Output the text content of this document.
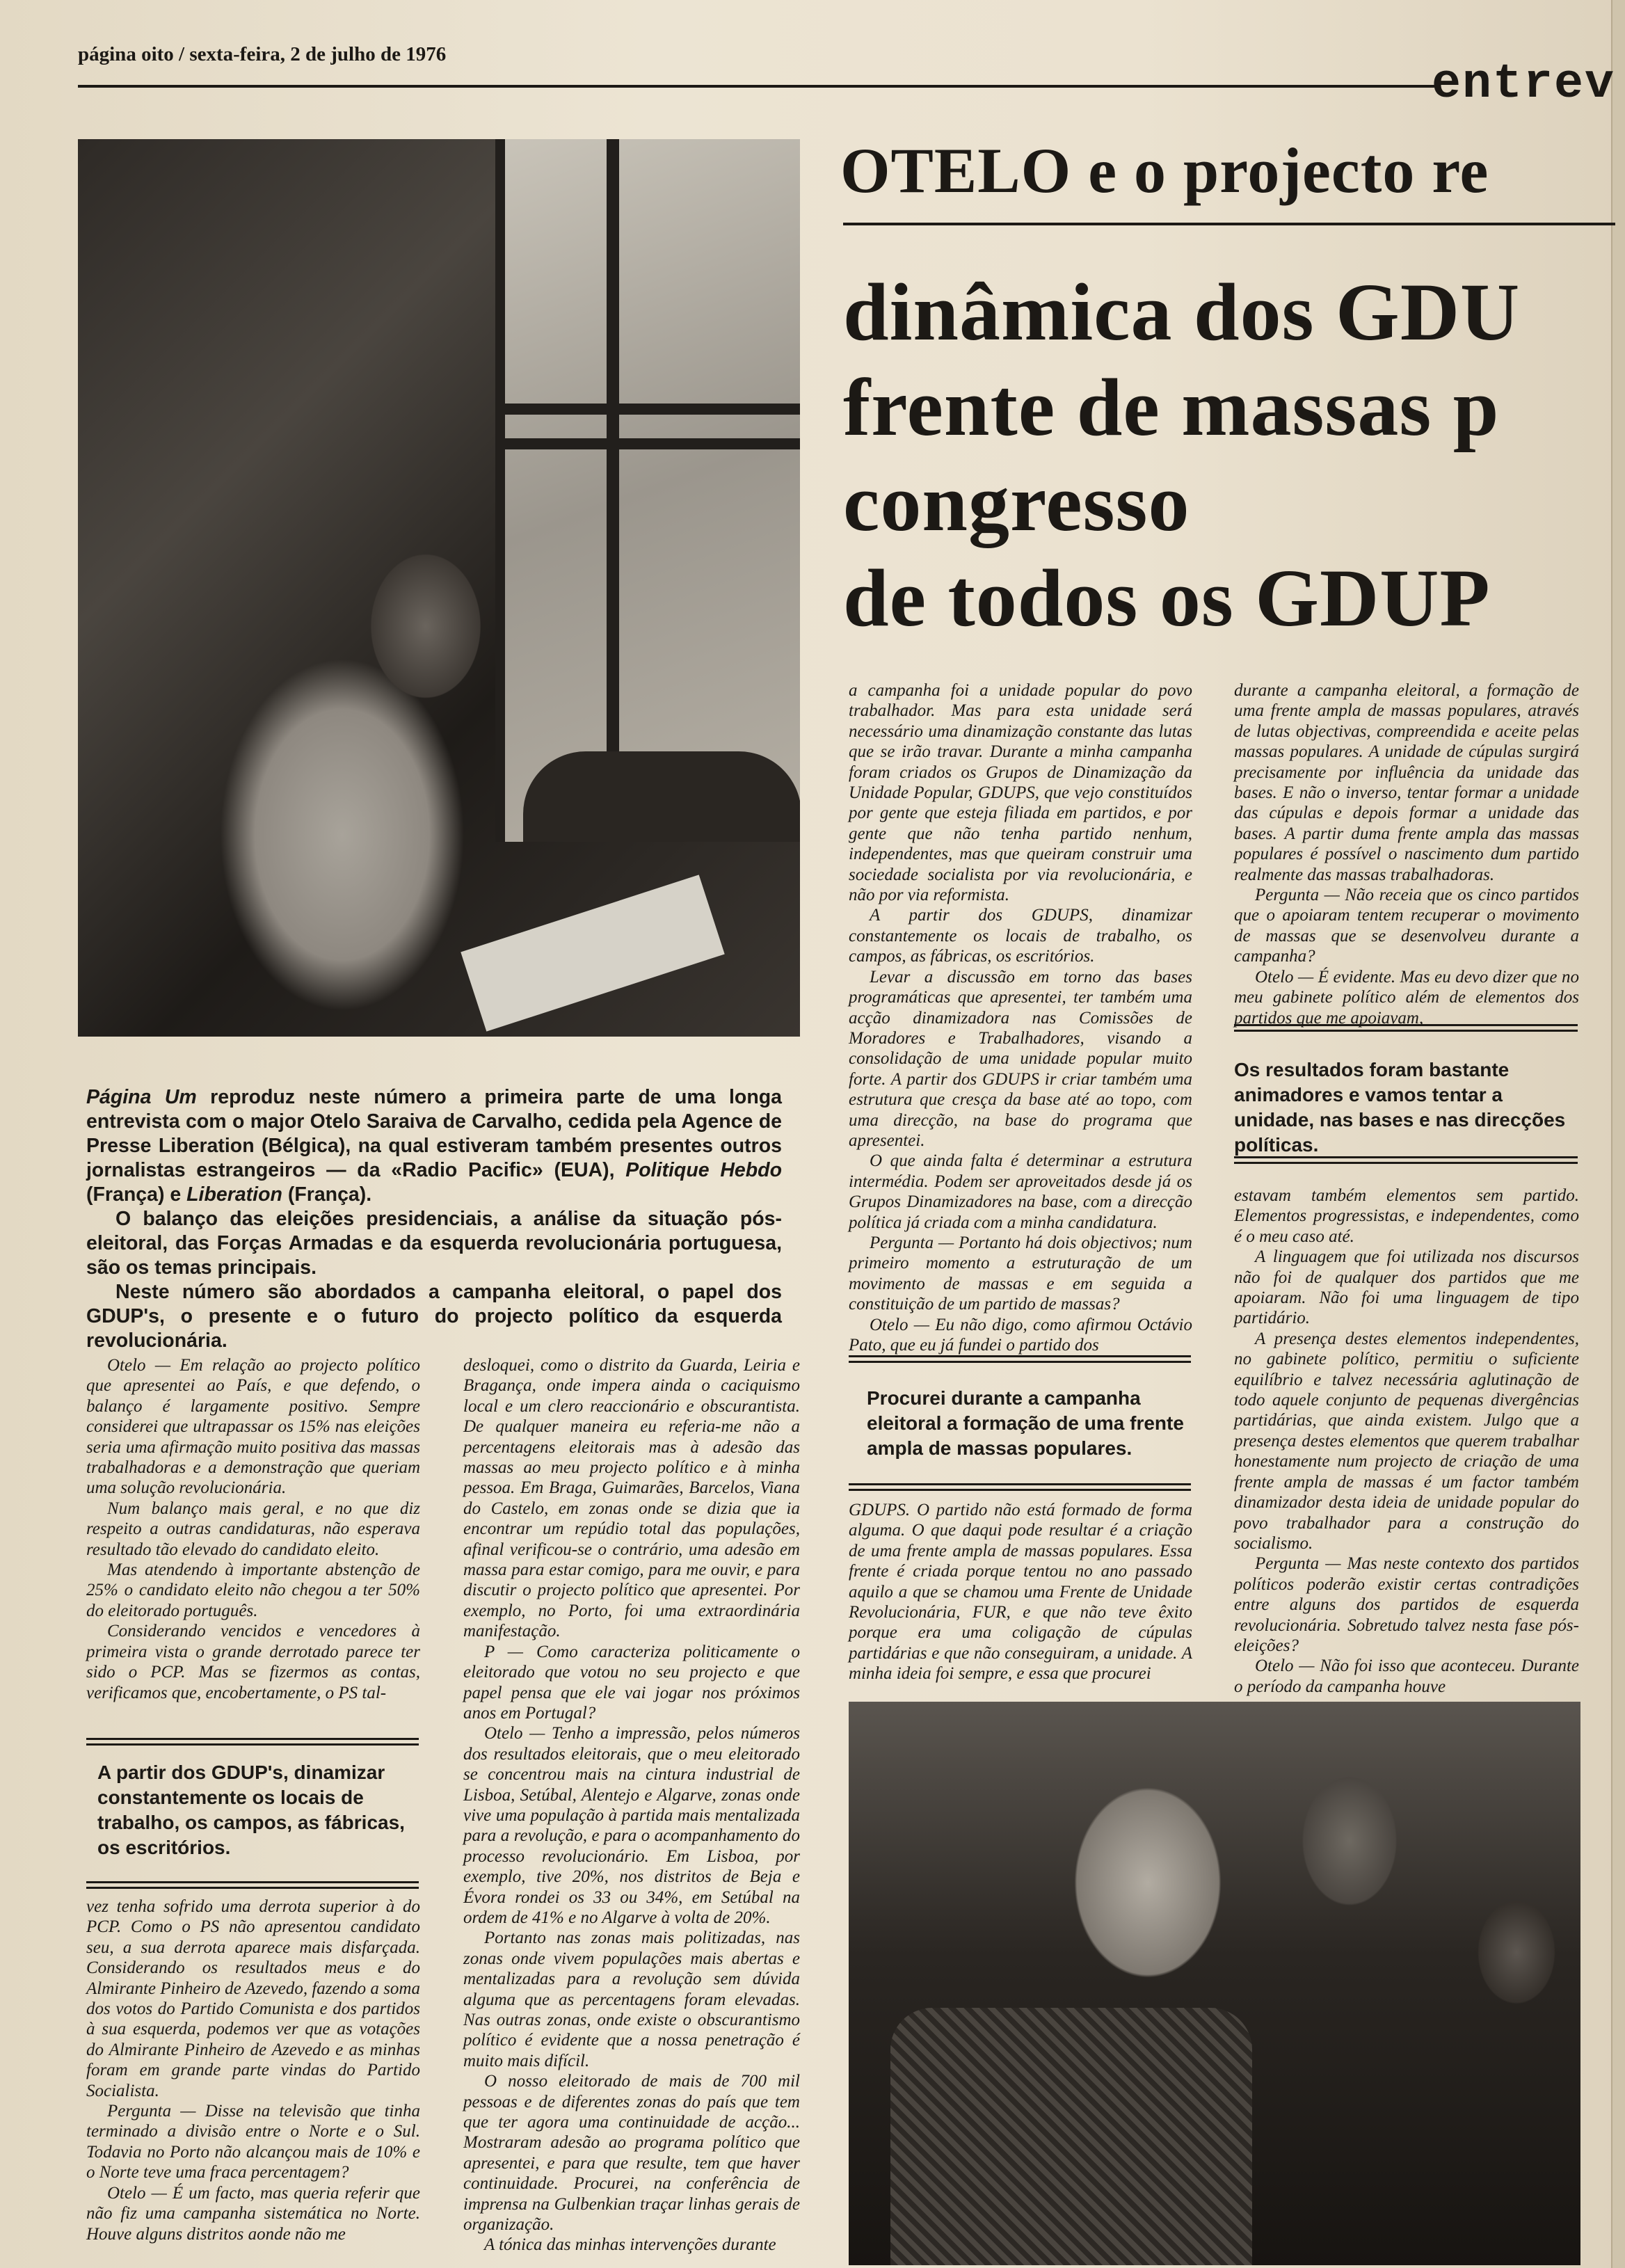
página oito / sexta-feira, 2 de julho de 1976
entrev
OTELO e o projecto re
dinâmica dos GDU
frente de massas p
congresso
de todos os GDUP

Página Um reproduz neste número a primeira parte de uma longa entrevista com o major Otelo Saraiva de Carvalho, cedida pela Agence de Presse Liberation (Bélgica), na qual estiveram também presentes outros jornalistas estrangeiros — da «Radio Pacific» (EUA), Politique Hebdo (França) e Liberation (França).

O balanço das eleições presidenciais, a análise da situação pós-eleitoral, das Forças Armadas e da esquerda revolucionária portuguesa, são os temas principais.

Neste número são abordados a campanha eleitoral, o papel dos GDUP's, o presente e o futuro do projecto político da esquerda revolucionária.

Otelo — Em relação ao projecto político que apresentei ao País, e que defendo, o balanço é largamente positivo. Sempre considerei que ultrapassar os 15% nas eleições seria uma afirmação muito positiva das massas trabalhadoras e a demonstração que queriam uma solução revolucionária.

Num balanço mais geral, e no que diz respeito a outras candidaturas, não esperava resultado tão elevado do candidato eleito.

Mas atendendo à importante abstenção de 25% o candidato eleito não chegou a ter 50% do eleitorado português.

Considerando vencidos e vencedores à primeira vista o grande derrotado parece ter sido o PCP. Mas se fizermos as contas, verificamos que, encobertamente, o PS tal-

A partir dos GDUP's, dinamizar constantemente os locais de trabalho, os campos, as fábricas, os escritórios.

vez tenha sofrido uma derrota superior à do PCP. Como o PS não apresentou candidato seu, a sua derrota aparece mais disfarçada. Considerando os resultados meus e do Almirante Pinheiro de Azevedo, fazendo a soma dos votos do Partido Comunista e dos partidos à sua esquerda, podemos ver que as votações do Almirante Pinheiro de Azevedo e as minhas foram em grande parte vindas do Partido Socialista.

Pergunta — Disse na televisão que tinha terminado a divisão entre o Norte e o Sul. Todavia no Porto não alcançou mais de 10% e o Norte teve uma fraca percentagem?

Otelo — É um facto, mas queria referir que não fiz uma campanha sistemática no Norte. Houve alguns distritos aonde não me

desloquei, como o distrito da Guarda, Leiria e Bragança, onde impera ainda o caciquismo local e um clero reaccionário e obscurantista. De qualquer maneira eu referia-me não a percentagens eleitorais mas à adesão das massas ao meu projecto político e à minha pessoa. Em Braga, Guimarães, Barcelos, Viana do Castelo, em zonas onde se dizia que ia encontrar um repúdio total das populações, afinal verificou-se o contrário, uma adesão em massa para estar comigo, para me ouvir, e para discutir o projecto político que apresentei. Por exemplo, no Porto, foi uma extraordinária manifestação.

P — Como caracteriza politicamente o eleitorado que votou no seu projecto e que papel pensa que ele vai jogar nos próximos anos em Portugal?

Otelo — Tenho a impressão, pelos números dos resultados eleitorais, que o meu eleitorado se concentrou mais na cintura industrial de Lisboa, Setúbal, Alentejo e Algarve, zonas onde vive uma população à partida mais mentalizada para a revolução, e para o acompanhamento do processo revolucionário. Em Lisboa, por exemplo, tive 20%, nos distritos de Beja e Évora rondei os 33 ou 34%, em Setúbal na ordem de 41% e no Algarve à volta de 20%.

Portanto nas zonas mais politizadas, nas zonas onde vivem populações mais abertas e mentalizadas para a revolução sem dúvida alguma que as percentagens foram elevadas. Nas outras zonas, onde existe o obscurantismo político é evidente que a nossa penetração é muito mais difícil.

O nosso eleitorado de mais de 700 mil pessoas e de diferentes zonas do país que tem que ter agora uma continuidade de acção... Mostraram adesão ao programa político que apresentei, e para que resulte, tem que haver continuidade. Procurei, na conferência de imprensa na Gulbenkian traçar linhas gerais de organização.

A tónica das minhas intervenções durante

a campanha foi a unidade popular do povo trabalhador. Mas para esta unidade será necessário uma dinamização constante das lutas que se irão travar. Durante a minha campanha foram criados os Grupos de Dinamização da Unidade Popular, GDUPS, que vejo constituídos por gente que esteja filiada em partidos, e por gente que não tenha partido nenhum, independentes, mas que queiram construir uma sociedade socialista por via revolucionária, e não por via reformista.

A partir dos GDUPS, dinamizar constantemente os locais de trabalho, os campos, as fábricas, os escritórios.

Levar a discussão em torno das bases programáticas que apresentei, ter também uma acção dinamizadora nas Comissões de Moradores e Trabalhadores, visando a consolidação de uma unidade popular muito forte. A partir dos GDUPS ir criar também uma estrutura que cresça da base até ao topo, com uma direcção, na base do programa que apresentei.

O que ainda falta é determinar a estrutura intermédia. Podem ser aproveitados desde já os Grupos Dinamizadores na base, com a direcção política já criada com a minha candidatura.

Pergunta — Portanto há dois objectivos; num primeiro momento a estruturação de um movimento de massas e em seguida a constituição de um partido de massas?

Otelo — Eu não digo, como afirmou Octávio Pato, que eu já fundei o partido dos

Procurei durante a campanha eleitoral a formação de uma frente ampla de massas populares.

GDUPS. O partido não está formado de forma alguma. O que daqui pode resultar é a criação de uma frente ampla de massas populares. Essa frente é criada porque tentou no ano passado aquilo a que se chamou uma Frente de Unidade Revolucionária, FUR, e que não teve êxito porque era uma coligação de cúpulas partidárias e que não conseguiram, a unidade. A minha ideia foi sempre, e essa que procurei

durante a campanha eleitoral, a formação de uma frente ampla de massas populares, através de lutas objectivas, compreendida e aceite pelas massas populares. A unidade de cúpulas surgirá precisamente por influência da unidade das bases. E não o inverso, tentar formar a unidade das cúpulas e depois formar a unidade das bases. A partir duma frente ampla das massas populares é possível o nascimento dum partido realmente das massas trabalhadoras.

Pergunta — Não receia que os cinco partidos que o apoiaram tentem recuperar o movimento de massas que se desenvolveu durante a campanha?

Otelo — É evidente. Mas eu devo dizer que no meu gabinete político além de elementos dos partidos que me apoiavam,

Os resultados foram bastante animadores e vamos tentar a unidade, nas bases e nas direcções políticas.

estavam também elementos sem partido. Elementos progressistas, e independentes, como é o meu caso até.

A linguagem que foi utilizada nos discursos não foi de qualquer dos partidos que me apoiaram. Não foi uma linguagem de tipo partidário.

A presença destes elementos independentes, no gabinete político, permitiu o suficiente equilíbrio e talvez necessária aglutinação de todo aquele conjunto de pequenas divergências partidárias, que ainda existem. Julgo que a presença destes elementos que querem trabalhar honestamente num projecto de criação de uma frente ampla de massas é um factor também dinamizador desta ideia de unidade popular do povo trabalhador para a construção do socialismo.

Pergunta — Mas neste contexto dos partidos políticos poderão existir certas contradições entre alguns dos partidos de esquerda revolucionária. Sobretudo talvez nesta fase pós-eleições?

Otelo — Não foi isso que aconteceu. Durante o período da campanha houve
